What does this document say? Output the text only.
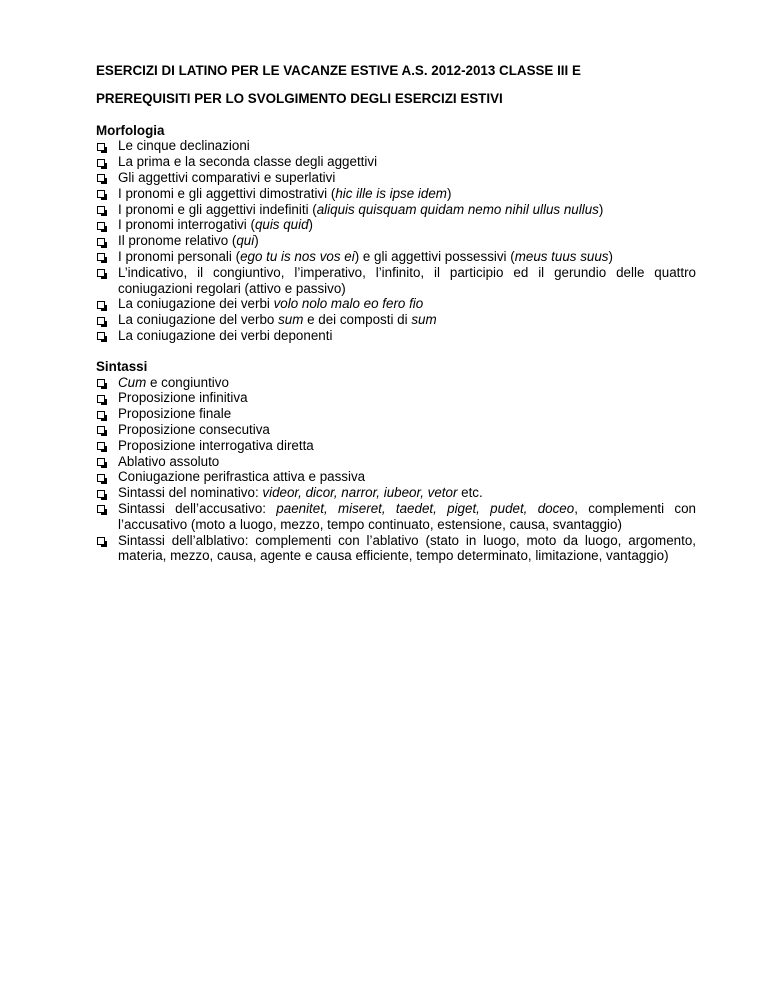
ESERCIZI DI LATINO PER LE VACANZE ESTIVE A.S. 2012-2013 CLASSE III E
PREREQUISITI PER LO SVOLGIMENTO DEGLI ESERCIZI ESTIVI
Morfologia
Le cinque declinazioni
La prima e la seconda classe degli aggettivi
Gli aggettivi comparativi e superlativi
I pronomi e gli aggettivi dimostrativi (hic ille is ipse idem)
I pronomi e gli aggettivi indefiniti (aliquis quisquam quidam nemo nihil ullus nullus)
I pronomi interrogativi (quis quid)
Il pronome relativo (qui)
I pronomi personali (ego tu is nos vos ei) e gli aggettivi possessivi (meus tuus suus)
L’indicativo, il congiuntivo, l’imperativo, l’infinito, il participio ed il gerundio delle quattro coniugazioni regolari (attivo e passivo)
La coniugazione dei verbi volo nolo malo eo fero fio
La coniugazione del verbo sum e dei composti di sum
La coniugazione dei verbi deponenti
Sintassi
Cum e congiuntivo
Proposizione infinitiva
Proposizione finale
Proposizione consecutiva
Proposizione interrogativa diretta
Ablativo assoluto
Coniugazione perifrastica attiva e passiva
Sintassi del nominativo: videor, dicor, narror, iubeor, vetor etc.
Sintassi dell’accusativo: paenitet, miseret, taedet, piget, pudet, doceo, complementi con l’accusativo (moto a luogo, mezzo, tempo continuato, estensione, causa, svantaggio)
Sintassi dell’alblativo: complementi con l’ablativo (stato in luogo, moto da luogo, argomento, materia, mezzo, causa, agente e causa efficiente, tempo determinato, limitazione, vantaggio)
